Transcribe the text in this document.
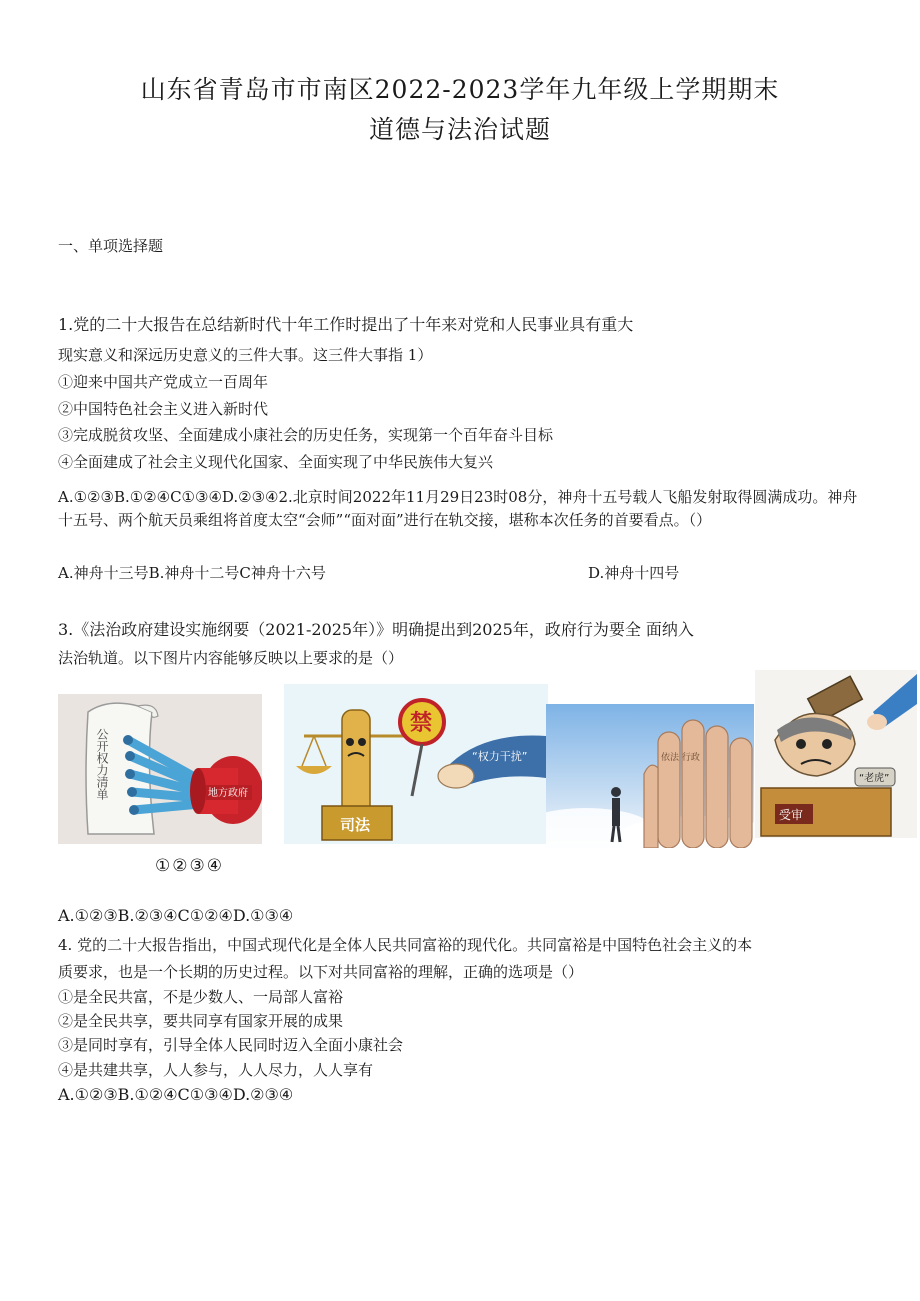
山东省青岛市市南区2022-2023学年九年级上学期期末
道德与法治试题
一、单项选择题
1.党的二十大报告在总结新时代十年工作时提出了十年来对党和人民事业具有重大
现实意义和深远历史意义的三件大事。这三件大事指 1）
①迎来中国共产党成立一百周年
②中国特色社会主义进入新时代
③完成脱贫攻坚、全面建成小康社会的历史任务，实现第一个百年奋斗目标
④全面建成了社会主义现代化国家、全面实现了中华民族伟大复兴
A.①②③B.①②④C①③④D.②③④2.北京时间2022年11月29日23时08分，神舟十五号载人飞船发射取得圆满成功。神舟十五号、两个航天员乘组将首度太空“会师”“面对面”进行在轨交接，堪称本次任务的首要看点。（）
A.神舟十三号B.神舟十二号C神舟十六号	D.神舟十四号
3.《法治政府建设实施纲要（2021-2025年）》明确提出到2025年，政府行为要全 面纳入
法治轨道。以下图片内容能够反映以上要求的是（）
公开权力清单	地方政府
司法
禁
“权力干扰”	依法 行政
“老虎”
受审
①②③④
A.①②③B.②③④C①②④D.①③④
4. 党的二十大报告指出，中国式现代化是全体人民共同富裕的现代化。共同富裕是中国特色社会主义的本
质要求，也是一个长期的历史过程。以下对共同富裕的理解，正确的选项是（）
①是全民共富，不是少数人、一局部人富裕
②是全民共享，要共同享有国家开展的成果
③是同时享有，引导全体人民同时迈入全面小康社会
④是共建共享，人人参与，人人尽力，人人享有
A.①②③B.①②④C①③④D.②③④
